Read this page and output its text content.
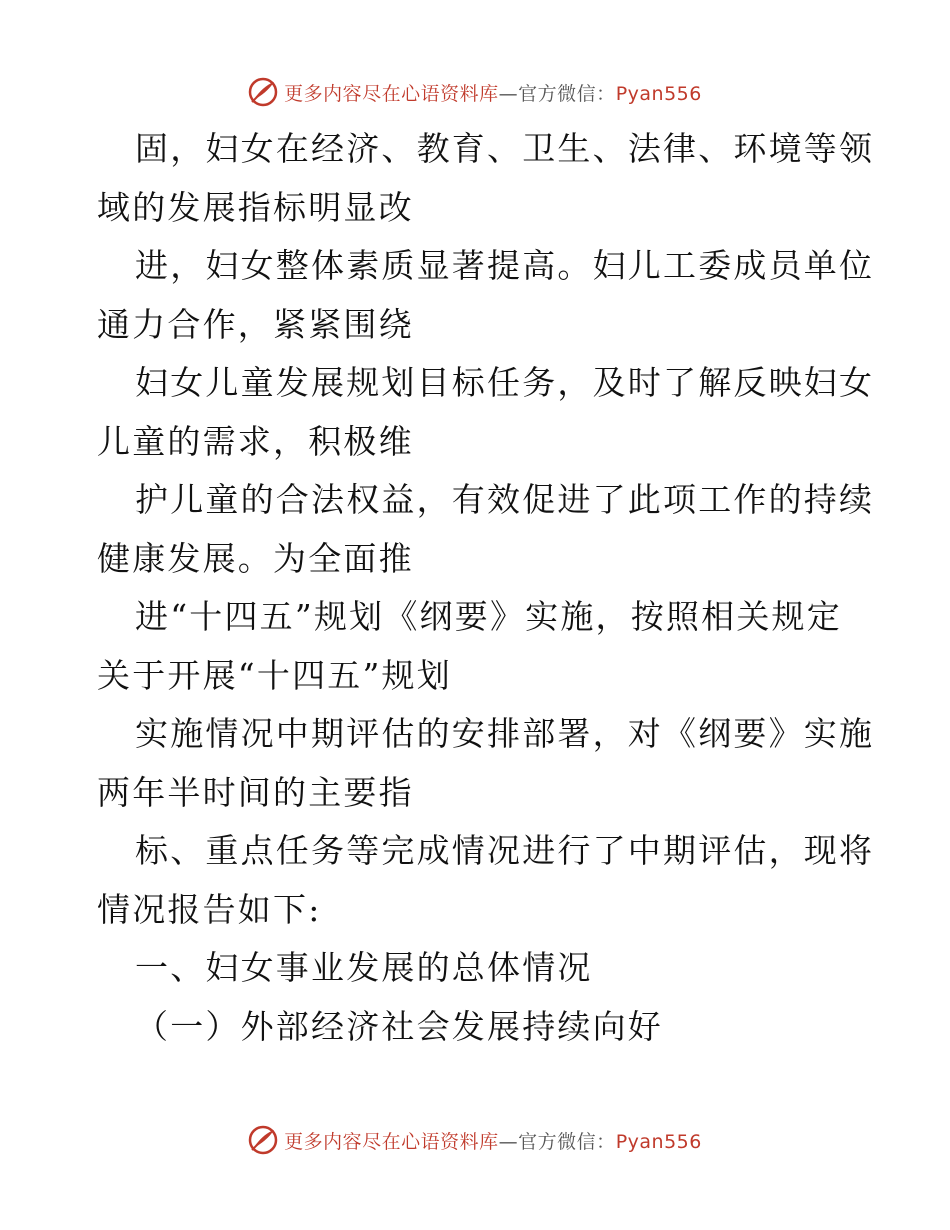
更多内容尽在心语资料库—官方微信：Pyan556
固，妇女在经济、教育、卫生、法律、环境等领
域的发展指标明显改
进，妇女整体素质显著提高。妇儿工委成员单位
通力合作，紧紧围绕
妇女儿童发展规划目标任务，及时了解反映妇女
儿童的需求，积极维
护儿童的合法权益，有效促进了此项工作的持续
健康发展。为全面推
进“十四五”规划《纲要》实施，按照相关规定
关于开展“十四五”规划
实施情况中期评估的安排部署，对《纲要》实施
两年半时间的主要指
标、重点任务等完成情况进行了中期评估，现将
情况报告如下:
一、妇女事业发展的总体情况
（一）外部经济社会发展持续向好
更多内容尽在心语资料库—官方微信：Pyan556
